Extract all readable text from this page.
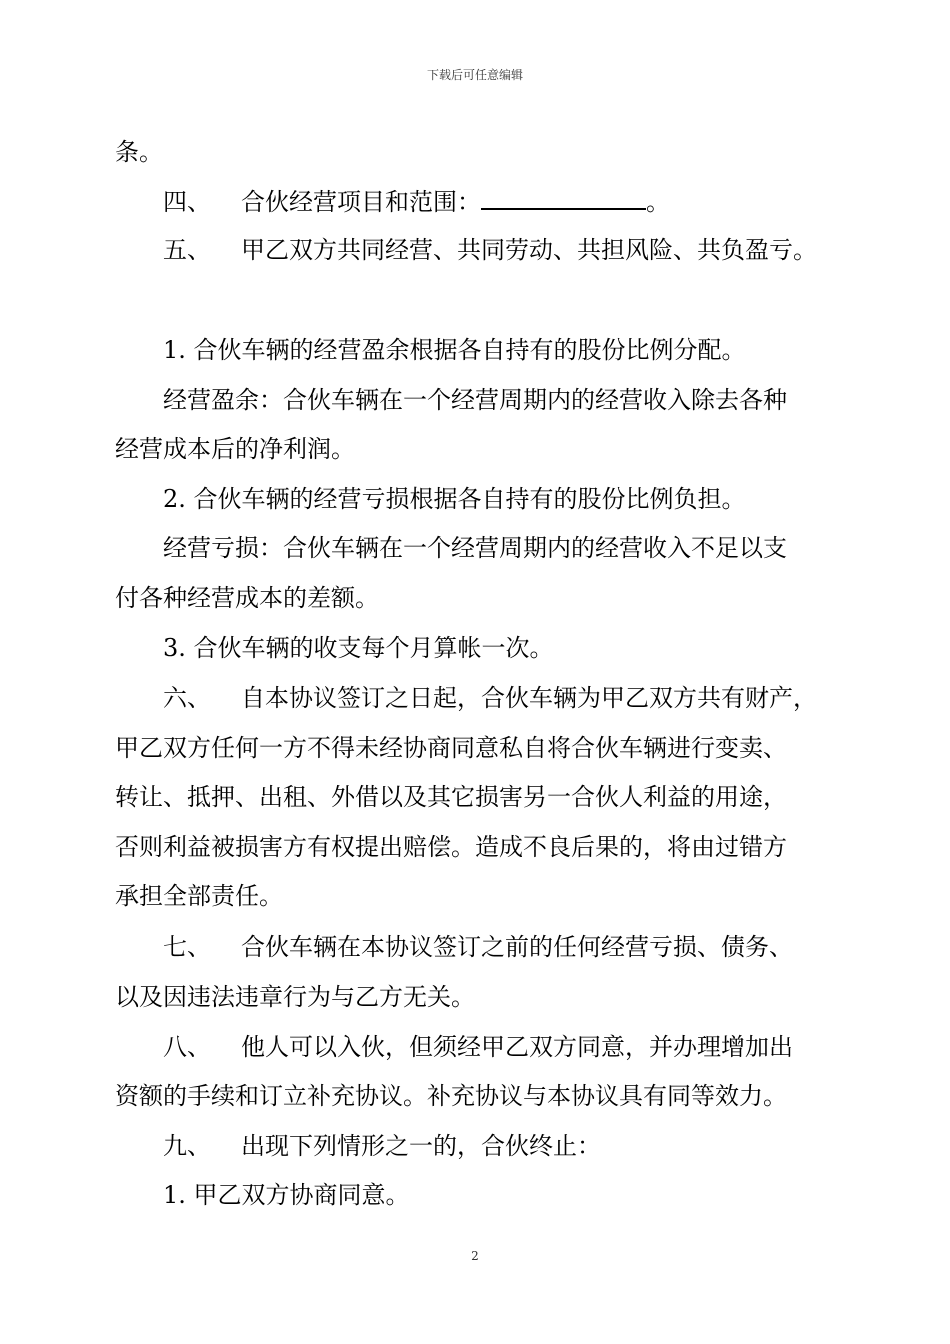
下载后可任意编辑
条。
四、 合伙经营项目和范围：	。
五、 甲乙双方共同经营、共同劳动、共担风险、共负盈亏。
1. 合伙车辆的经营盈余根据各自持有的股份比例分配。
经营盈余：合伙车辆在一个经营周期内的经营收入除去各种
经营成本后的净利润。
2. 合伙车辆的经营亏损根据各自持有的股份比例负担。
经营亏损：合伙车辆在一个经营周期内的经营收入不足以支
付各种经营成本的差额。
3. 合伙车辆的收支每个月算帐一次。
六、 自本协议签订之日起，合伙车辆为甲乙双方共有财产，
甲乙双方任何一方不得未经协商同意私自将合伙车辆进行变卖、
转让、抵押、出租、外借以及其它损害另一合伙人利益的用途，
否则利益被损害方有权提出赔偿。造成不良后果的，将由过错方
承担全部责任。
七、 合伙车辆在本协议签订之前的任何经营亏损、债务、
以及因违法违章行为与乙方无关。
八、 他人可以入伙，但须经甲乙双方同意，并办理增加出
资额的手续和订立补充协议。补充协议与本协议具有同等效力。
九、 出现下列情形之一的，合伙终止：
1. 甲乙双方协商同意。
2
